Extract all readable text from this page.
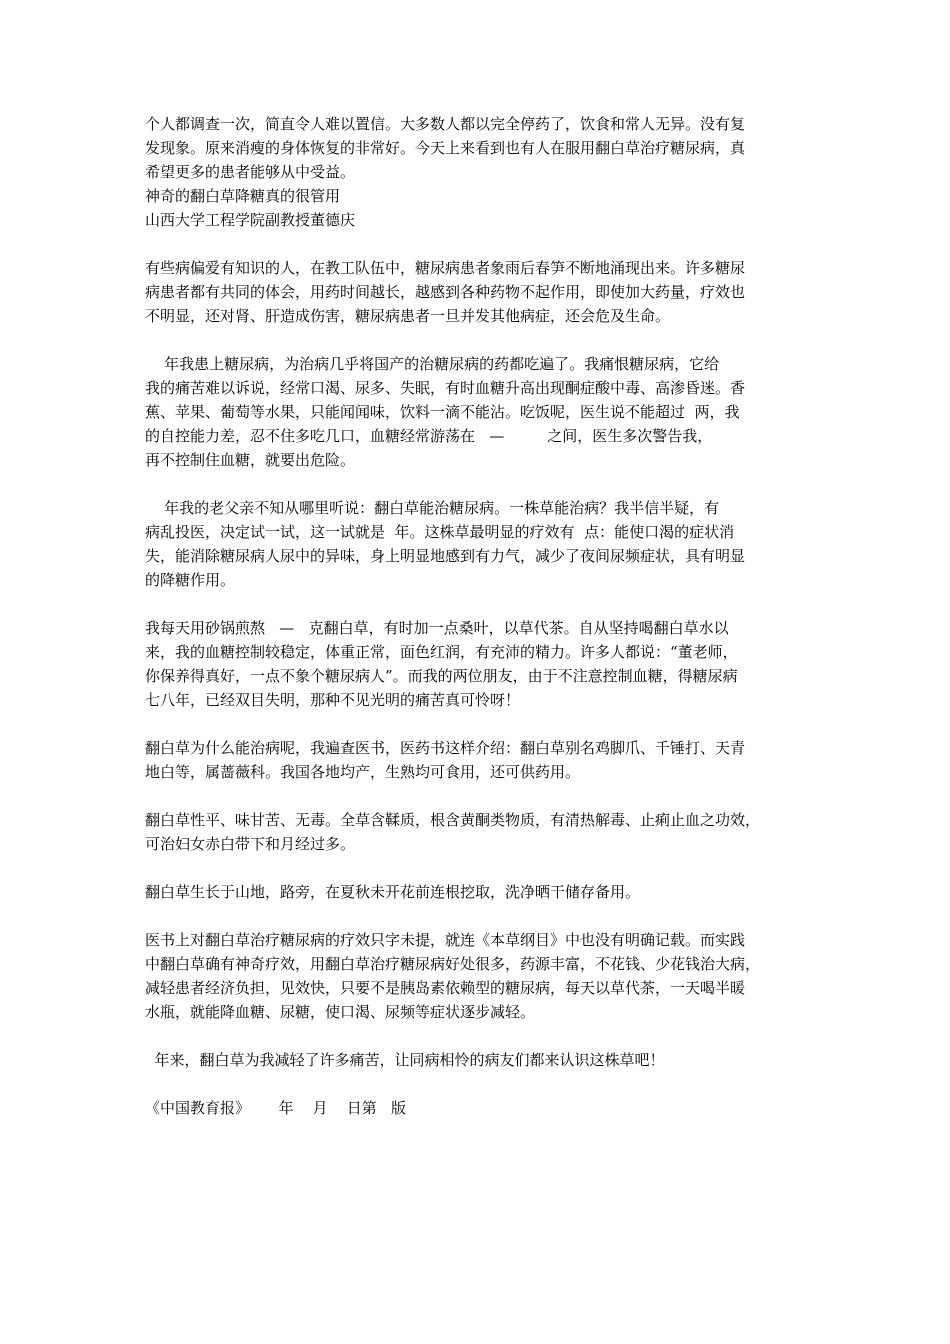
个人都调查一次，简直令人难以置信。大多数人都以完全停药了，饮食和常人无异。没有复
发现象。原来消瘦的身体恢复的非常好。今天上来看到也有人在服用翻白草治疗糖尿病，真
希望更多的患者能够从中受益。
神奇的翻白草降糖真的很管用
山西大学工程学院副教授董德庆
有些病偏爱有知识的人，在教工队伍中，糖尿病患者象雨后春笋不断地涌现出来。许多糖尿
病患者都有共同的体会，用药时间越长，越感到各种药物不起作用，即使加大药量，疗效也
不明显，还对肾、肝造成伤害，糖尿病患者一旦并发其他病症，还会危及生命。
年我患上糖尿病，为治病几乎将国产的治糖尿病的药都吃遍了。我痛恨糖尿病，它给
我的痛苦难以诉说，经常口渴、尿多、失眠，有时血糖升高出现酮症酸中毒、高渗昏迷。香
蕉、苹果、葡萄等水果，只能闻闻味，饮料一滴不能沾。吃饭呢，医生说不能超过  两，我
的自控能力差，忍不住多吃几口，血糖经常游荡在   —         之间，医生多次警告我，
再不控制住血糖，就要出危险。
年我的老父亲不知从哪里听说：翻白草能治糖尿病。一株草能治病？我半信半疑，有
病乱投医，决定试一试，这一试就是  年。这株草最明显的疗效有  点：能使口渴的症状消
失，能消除糖尿病人尿中的异味，身上明显地感到有力气，减少了夜间尿频症状，具有明显
的降糖作用。
我每天用砂锅煎熬   —   克翻白草，有时加一点桑叶，以草代茶。自从坚持喝翻白草水以
来，我的血糖控制较稳定，体重正常，面色红润，有充沛的精力。许多人都说：“董老师，
你保养得真好，一点不象个糖尿病人”。而我的两位朋友，由于不注意控制血糖，得糖尿病
七八年，已经双目失明，那种不见光明的痛苦真可怜呀！
翻白草为什么能治病呢，我遍查医书，医药书这样介绍：翻白草别名鸡脚爪、千锤打、天青
地白等，属蔷薇科。我国各地均产，生熟均可食用，还可供药用。
翻白草性平、味甘苦、无毒。全草含鞣质，根含黄酮类物质，有清热解毒、止痢止血之功效，
可治妇女赤白带下和月经过多。
翻白草生长于山地，路旁，在夏秋未开花前连根挖取，洗净晒干储存备用。
医书上对翻白草治疗糖尿病的疗效只字未提，就连《本草纲目》中也没有明确记载。而实践
中翻白草确有神奇疗效，用翻白草治疗糖尿病好处很多，药源丰富，不花钱、少花钱治大病，
减轻患者经济负担，见效快，只要不是胰岛素依赖型的糖尿病，每天以草代茶，一天喝半暖
水瓶，就能降血糖、尿糖，使口渴、尿频等症状逐步减轻。
年来，翻白草为我减轻了许多痛苦，让同病相怜的病友们都来认识这株草吧！
《中国教育报》      年    月    日第   版
